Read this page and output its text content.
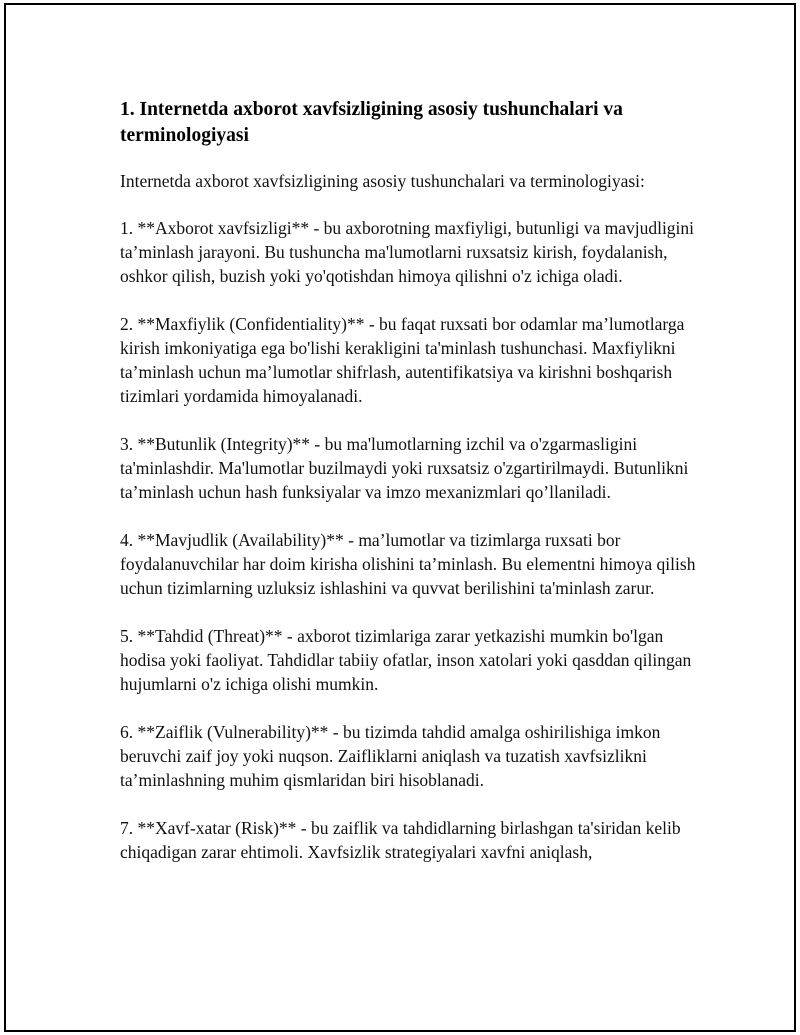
1. Internetda axborot xavfsizligining asosiy tushunchalari va terminologiyasi

Internetda axborot xavfsizligining asosiy tushunchalari va terminologiyasi:

1. **Axborot xavfsizligi** - bu axborotning maxfiyligi, butunligi va mavjudligini ta’minlash jarayoni. Bu tushuncha ma'lumotlarni ruxsatsiz kirish, foydalanish, oshkor qilish, buzish yoki yo'qotishdan himoya qilishni o'z ichiga oladi.

2. **Maxfiylik (Confidentiality)** - bu faqat ruxsati bor odamlar ma’lumotlarga kirish imkoniyatiga ega bo'lishi kerakligini ta'minlash tushunchasi. Maxfiylikni ta’minlash uchun ma’lumotlar shifrlash, autentifikatsiya va kirishni boshqarish tizimlari yordamida himoyalanadi.

3. **Butunlik (Integrity)** - bu ma'lumotlarning izchil va o'zgarmasligini ta'minlashdir. Ma'lumotlar buzilmaydi yoki ruxsatsiz o'zgartirilmaydi. Butunlikni ta’minlash uchun hash funksiyalar va imzo mexanizmlari qo’llaniladi.

4. **Mavjudlik (Availability)** - ma’lumotlar va tizimlarga ruxsati bor foydalanuvchilar har doim kirisha olishini ta’minlash. Bu elementni himoya qilish uchun tizimlarning uzluksiz ishlashini va quvvat berilishini ta'minlash zarur.

5. **Tahdid (Threat)** - axborot tizimlariga zarar yetkazishi mumkin bo'lgan hodisa yoki faoliyat. Tahdidlar tabiiy ofatlar, inson xatolari yoki qasddan qilingan hujumlarni o'z ichiga olishi mumkin.

6. **Zaiflik (Vulnerability)** - bu tizimda tahdid amalga oshirilishiga imkon beruvchi zaif joy yoki nuqson. Zaifliklarni aniqlash va tuzatish xavfsizlikni ta’minlashning muhim qismlaridan biri hisoblanadi.

7. **Xavf-xatar (Risk)** - bu zaiflik va tahdidlarning birlashgan ta'siridan kelib chiqadigan zarar ehtimoli. Xavfsizlik strategiyalari xavfni aniqlash,
